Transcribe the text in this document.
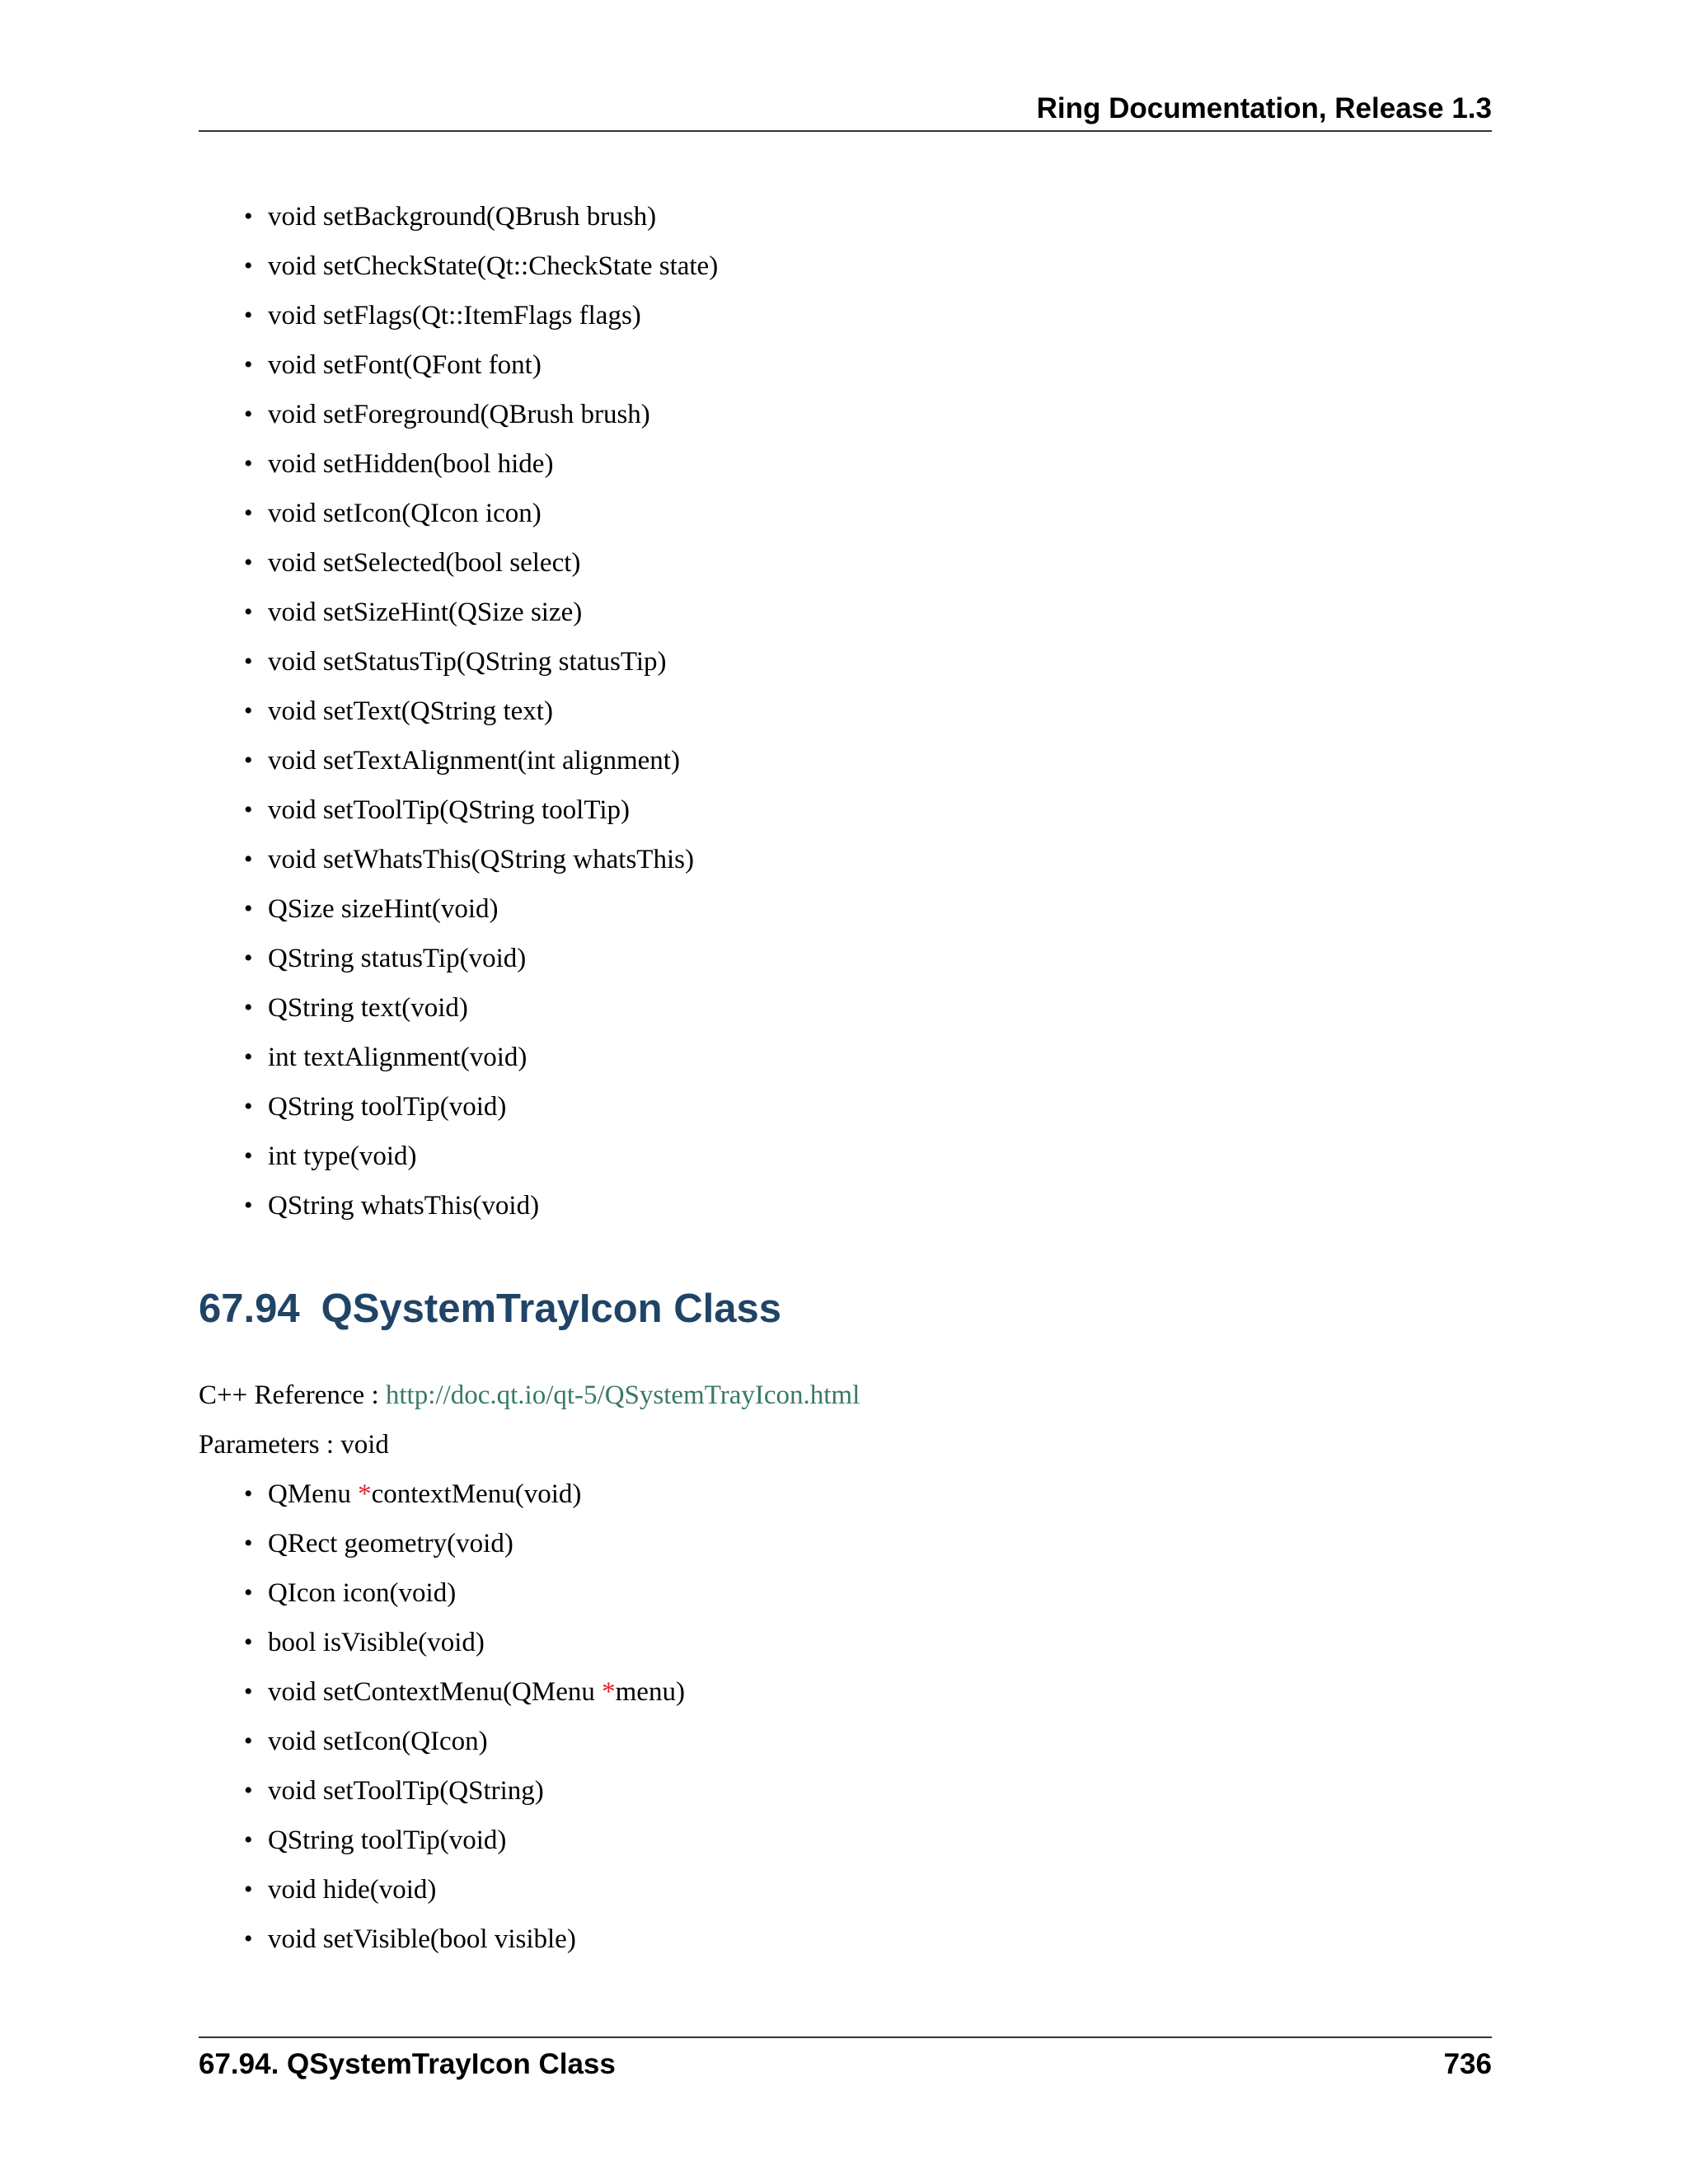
Ring Documentation, Release 1.3
• void setBackground(QBrush brush)
• void setCheckState(Qt::CheckState state)
• void setFlags(Qt::ItemFlags flags)
• void setFont(QFont font)
• void setForeground(QBrush brush)
• void setHidden(bool hide)
• void setIcon(QIcon icon)
• void setSelected(bool select)
• void setSizeHint(QSize size)
• void setStatusTip(QString statusTip)
• void setText(QString text)
• void setTextAlignment(int alignment)
• void setToolTip(QString toolTip)
• void setWhatsThis(QString whatsThis)
• QSize sizeHint(void)
• QString statusTip(void)
• QString text(void)
• int textAlignment(void)
• QString toolTip(void)
• int type(void)
• QString whatsThis(void)
67.94 QSystemTrayIcon Class
C++ Reference : http://doc.qt.io/qt-5/QSystemTrayIcon.html
Parameters : void
• QMenu *contextMenu(void)
• QRect geometry(void)
• QIcon icon(void)
• bool isVisible(void)
• void setContextMenu(QMenu *menu)
• void setIcon(QIcon)
• void setToolTip(QString)
• QString toolTip(void)
• void hide(void)
• void setVisible(bool visible)
67.94. QSystemTrayIcon Class	736
